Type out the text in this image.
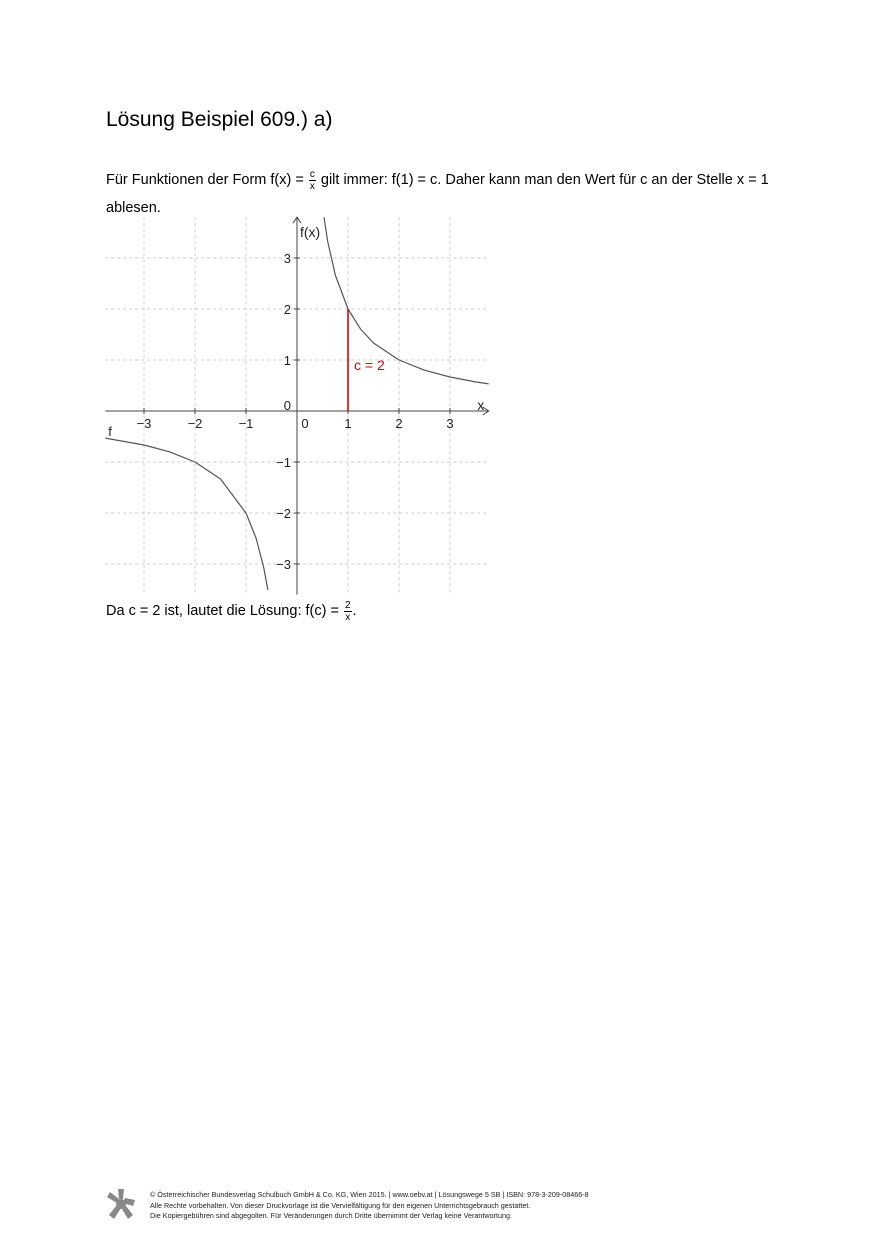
Lösung Beispiel 609.) a)
Für Funktionen der Form $f(x) = \frac{c}{x}$ gilt immer: f(1) = c. Daher kann man den Wert für c an der Stelle x = 1 ablesen.
−3	−2	−1	0	1	2	3
−3
−2
−1
1
2
3
0	x
f(x)
f
c = 2
Da c = 2 ist, lautet die Lösung: $f(c) = \frac{2}{x}$ .
© Österreichischer Bundesverlag Schulbuch GmbH & Co. KG, Wien 2015. | www.oebv.at | Lösungswege 5 SB | ISBN: 978-3-209-08466-8
Alle Rechte vorbehalten. Von dieser Druckvorlage ist die Vervielfältigung für den eigenen Unterrichtsgebrauch gestattet.
Die Kopiergebühren sind abgegolten. Für Veränderungen durch Dritte übernimmt der Verlag keine Verantwortung.
